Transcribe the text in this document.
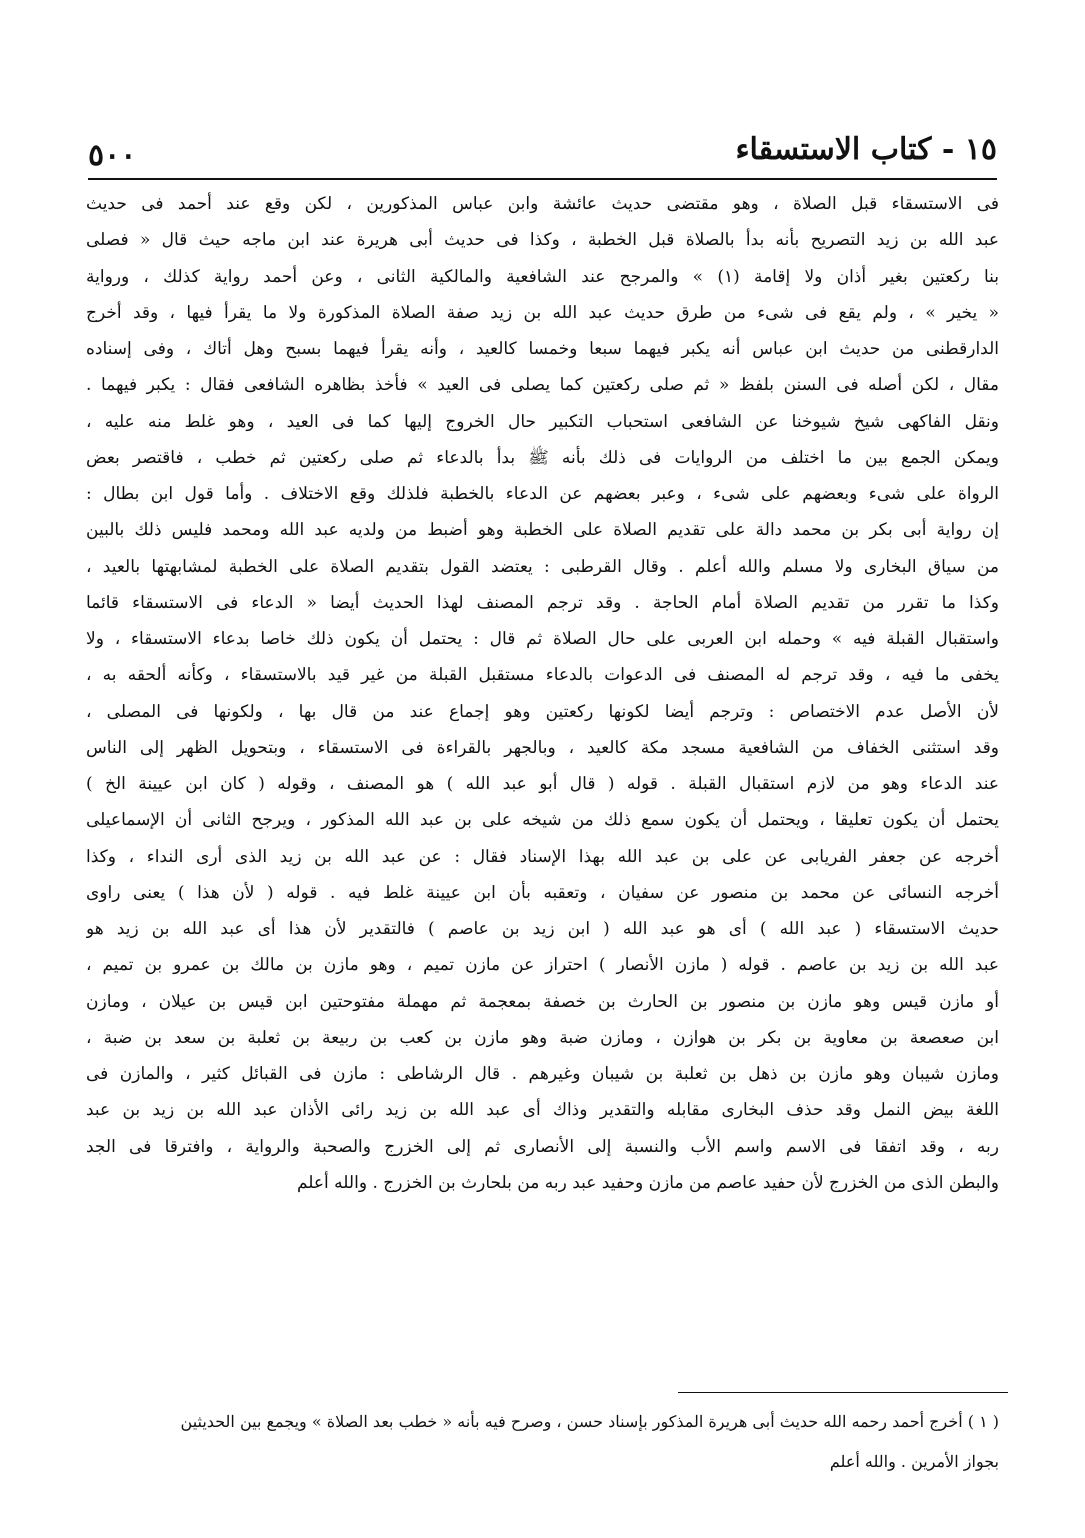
١٥ - كتاب الاستسقاء
٥٠٠
فى الاستسقاء قبل الصلاة ، وهو مقتضى حديث عائشة وابن عباس المذكورين ، لكن وقع عند أحمد فى حديث
عبد الله بن زيد التصريح بأنه بدأ بالصلاة قبل الخطبة ، وكذا فى حديث أبى هريرة عند ابن ماجه حيث قال « فصلى
بنا ركعتين بغير أذان ولا إقامة (١) » والمرجح عند الشافعية والمالكية الثانى ، وعن أحمد رواية كذلك ، ورواية
« يخير » ، ولم يقع فى شىء من طرق حديث عبد الله بن زيد صفة الصلاة المذكورة ولا ما يقرأ فيها ، وقد أخرج
الدارقطنى من حديث ابن عباس أنه يكبر فيهما سبعا وخمسا كالعيد ، وأنه يقرأ فيهما بسبح وهل أتاك ، وفى إسناده
مقال ، لكن أصله فى السنن بلفظ « ثم صلى ركعتين كما يصلى فى العيد » فأخذ بظاهره الشافعى فقال : يكبر فيهما .
ونقل الفاكهى شيخ شيوخنا عن الشافعى استحباب التكبير حال الخروج إليها كما فى العيد ، وهو غلط منه عليه ،
ويمكن الجمع بين ما اختلف من الروايات فى ذلك بأنه ﷺ بدأ بالدعاء ثم صلى ركعتين ثم خطب ، فاقتصر بعض
الرواة على شىء وبعضهم على شىء ، وعبر بعضهم عن الدعاء بالخطبة فلذلك وقع الاختلاف . وأما قول ابن بطال :
إن رواية أبى بكر بن محمد دالة على تقديم الصلاة على الخطبة وهو أضبط من ولديه عبد الله ومحمد فليس ذلك بالبين
من سياق البخارى ولا مسلم والله أعلم . وقال القرطبى : يعتضد القول بتقديم الصلاة على الخطبة لمشابهتها بالعيد ،
وكذا ما تقرر من تقديم الصلاة أمام الحاجة . وقد ترجم المصنف لهذا الحديث أيضا « الدعاء فى الاستسقاء قائما
واستقبال القبلة فيه » وحمله ابن العربى على حال الصلاة ثم قال : يحتمل أن يكون ذلك خاصا بدعاء الاستسقاء ، ولا
يخفى ما فيه ، وقد ترجم له المصنف فى الدعوات بالدعاء مستقبل القبلة من غير قيد بالاستسقاء ، وكأنه ألحقه به ،
لأن الأصل عدم الاختصاص : وترجم أيضا لكونها ركعتين وهو إجماع عند من قال بها ، ولكونها فى المصلى ،
وقد استثنى الخفاف من الشافعية مسجد مكة كالعيد ، وبالجهر بالقراءة فى الاستسقاء ، وبتحويل الظهر إلى الناس
عند الدعاء وهو من لازم استقبال القبلة . قوله ( قال أبو عبد الله ) هو المصنف ، وقوله ( كان ابن عيينة الخ )
يحتمل أن يكون تعليقا ، ويحتمل أن يكون سمع ذلك من شيخه على بن عبد الله المذكور ، ويرجح الثانى أن الإسماعيلى
أخرجه عن جعفر الفريابى عن على بن عبد الله بهذا الإسناد فقال : عن عبد الله بن زيد الذى أرى النداء ، وكذا
أخرجه النسائى عن محمد بن منصور عن سفيان ، وتعقبه بأن ابن عيينة غلط فيه . قوله ( لأن هذا ) يعنى راوى
حديث الاستسقاء ( عبد الله ) أى هو عبد الله ( ابن زيد بن عاصم ) فالتقدير لأن هذا أى عبد الله بن زيد هو
عبد الله بن زيد بن عاصم . قوله ( مازن الأنصار ) احتراز عن مازن تميم ، وهو مازن بن مالك بن عمرو بن تميم ،
أو مازن قيس وهو مازن بن منصور بن الحارث بن خصفة بمعجمة ثم مهملة مفتوحتين ابن قيس بن عيلان ، ومازن
ابن صعصعة بن معاوية بن بكر بن هوازن ، ومازن ضبة وهو مازن بن كعب بن ربيعة بن ثعلبة بن سعد بن ضبة ،
ومازن شيبان وهو مازن بن ذهل بن ثعلبة بن شيبان وغيرهم . قال الرشاطى : مازن فى القبائل كثير ، والمازن فى
اللغة بيض النمل وقد حذف البخارى مقابله والتقدير وذاك أى عبد الله بن زيد رائى الأذان عبد الله بن زيد بن عبد
ربه ، وقد اتفقا فى الاسم واسم الأب والنسبة إلى الأنصارى ثم إلى الخزرج والصحبة والرواية ، وافترقا فى الجد
والبطن الذى من الخزرج لأن حفيد عاصم من مازن وحفيد عبد ربه من بلحارث بن الخزرج . والله أعلم
( ١ ) أخرج أحمد رحمه الله حديث أبى هريرة المذكور بإسناد حسن ، وصرح فيه بأنه « خطب بعد الصلاة » ويجمع بين الحديثين
بجواز الأمرين . والله أعلم
